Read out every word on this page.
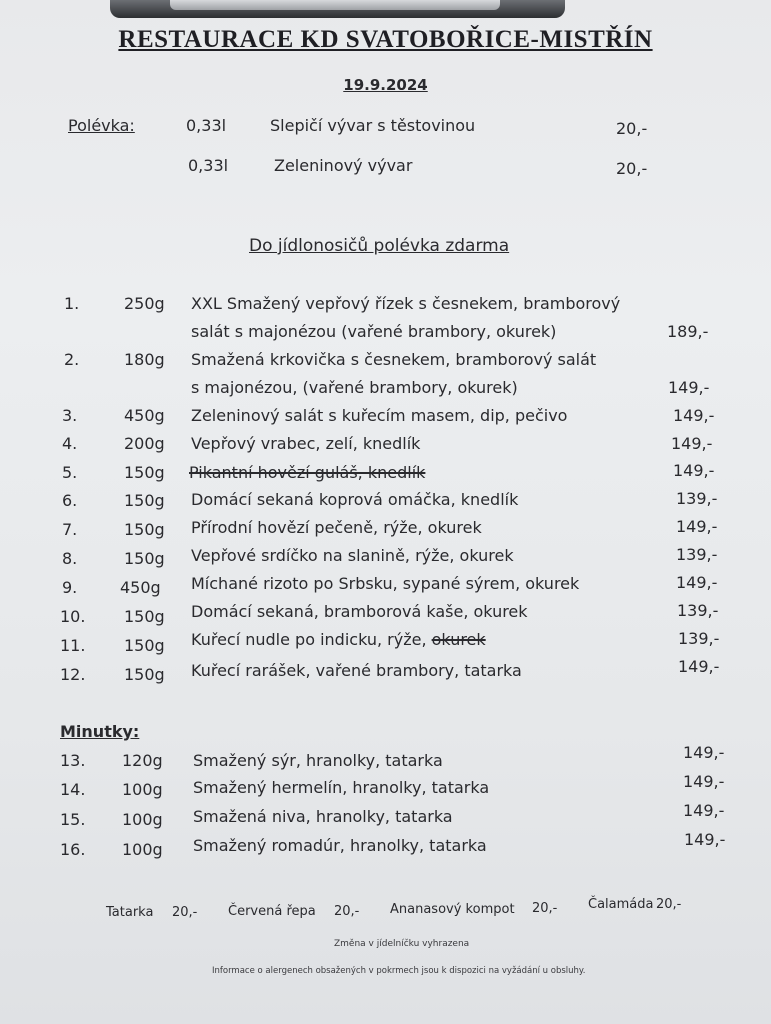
RESTAURACE KD SVATOBOŘICE-MISTŘÍN
19.9.2024
Polévka:	0,33l	Slepičí vývar s těstovinou	20,-
0,33l	Zeleninový vývar	20,-
Do jídlonosičů polévka zdarma
1.	250g XXL Smažený vepřový řízek s česnekem, bramborový
salát s majonézou (vařené brambory, okurek)	189,-
2.	180g Smažená krkovička s česnekem, bramborový salát
s majonézou, (vařené brambory, okurek)	149,-
3.	450g Zeleninový salát s kuřecím masem, dip, pečivo	149,-
4.	200g Vepřový vrabec, zelí, knedlík	149,-
5.	150g Pikantní hovězí guláš, knedlík	149,-
6.	150g Domácí sekaná koprová omáčka, knedlík	139,-
7.	150g Přírodní hovězí pečeně, rýže, okurek	149,-
8.	150g Vepřové srdíčko na slanině, rýže, okurek	139,-
9.	450g Míchané rizoto po Srbsku, sypané sýrem, okurek	149,-
10. 150g Domácí sekaná, bramborová kaše, okurek	139,-
11. 150g Kuřecí nudle po indicku, rýže, okurek	139,-
12. 150g Kuřecí rarášek, vařené brambory, tatarka	149,-
Minutky:
13. 120g Smažený sýr, hranolky, tatarka	149,-
14. 100g Smažený hermelín, hranolky, tatarka	149,-
15. 100g Smažená niva, hranolky, tatarka	149,-
16. 100g Smažený romadúr, hranolky, tatarka	149,-
Tatarka 20,- Červená řepa 20,- Ananasový kompot 20,- Čalamáda 20,-
Změna v jídelníčku vyhrazena
Informace o alergenech obsažených v pokrmech jsou k dispozici na vyžádání u obsluhy.
